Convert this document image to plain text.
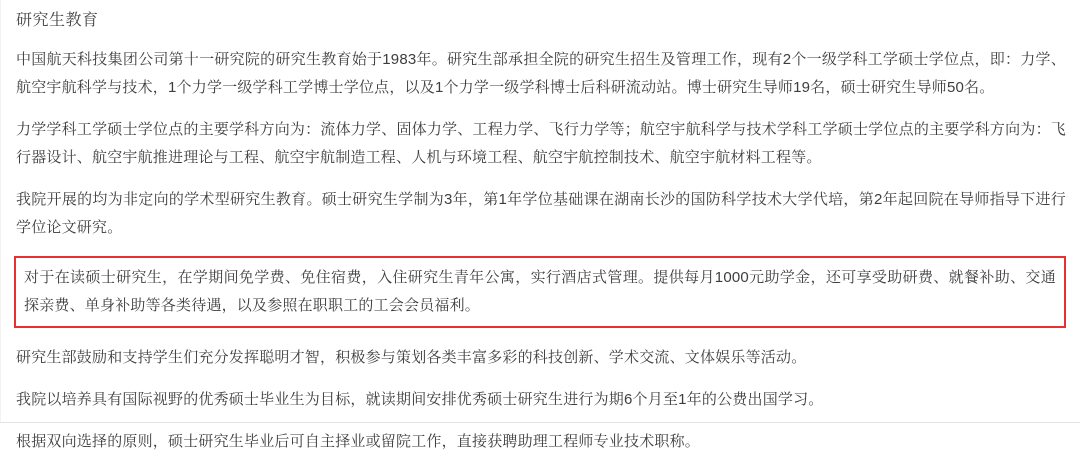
研究生教育

中国航天科技集团公司第十一研究院的研究生教育始于1983年。研究生部承担全院的研究生招生及管理工作，现有2个一级学科工学硕士学位点，即：力学、航空宇航科学与技术，1个力学一级学科工学博士学位点，以及1个力学一级学科博士后科研流动站。博士研究生导师19名，硕士研究生导师50名。

力学学科工学硕士学位点的主要学科方向为：流体力学、固体力学、工程力学、飞行力学等；航空宇航科学与技术学科工学硕士学位点的主要学科方向为：飞行器设计、航空宇航推进理论与工程、航空宇航制造工程、人机与环境工程、航空宇航控制技术、航空宇航材料工程等。

我院开展的均为非定向的学术型研究生教育。硕士研究生学制为3年，第1年学位基础课在湖南长沙的国防科学技术大学代培，第2年起回院在导师指导下进行学位论文研究。

对于在读硕士研究生，在学期间免学费、免住宿费，入住研究生青年公寓，实行酒店式管理。提供每月1000元助学金，还可享受助研费、就餐补助、交通探亲费、单身补助等各类待遇，以及参照在职职工的工会会员福利。

研究生部鼓励和支持学生们充分发挥聪明才智，积极参与策划各类丰富多彩的科技创新、学术交流、文体娱乐等活动。

我院以培养具有国际视野的优秀硕士毕业生为目标，就读期间安排优秀硕士研究生进行为期6个月至1年的公费出国学习。

根据双向选择的原则，硕士研究生毕业后可自主择业或留院工作，直接获聘助理工程师专业技术职称。
